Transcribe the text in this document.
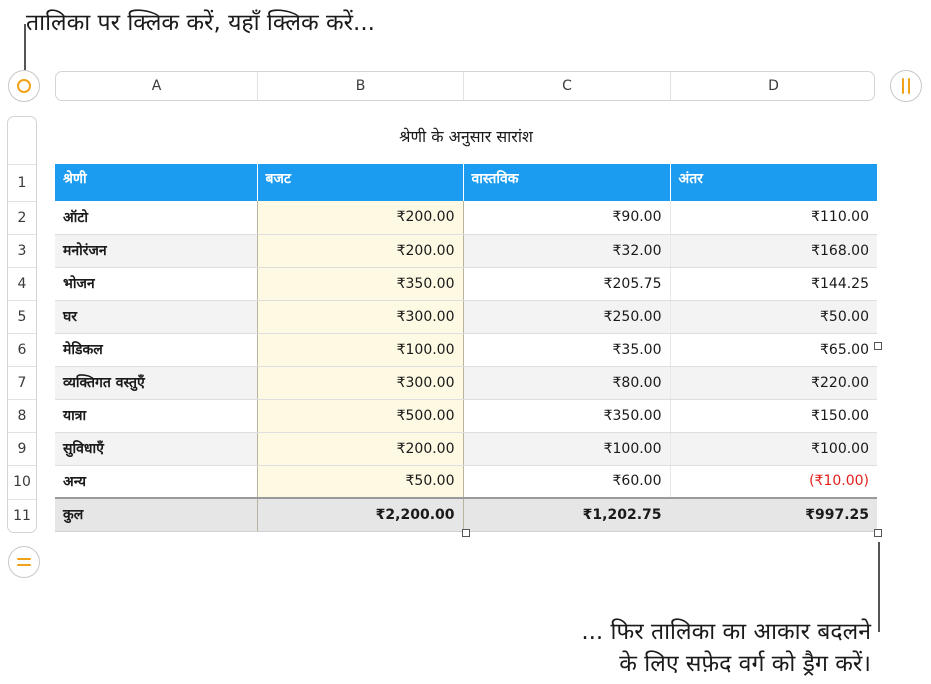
तालिका पर क्लिक करें, यहाँ क्लिक करें...
A	B	C	D
1
2
3
4
5
6
7
8
9
10
11
श्रेणी के अनुसार सारांश
श्रेणी	बजट	वास्तविक	अंतर
ऑटो	₹200.00	₹90.00	₹110.00
मनोरंजन	₹200.00	₹32.00	₹168.00
भोजन	₹350.00	₹205.75	₹144.25
घर	₹300.00	₹250.00	₹50.00
मेडिकल	₹100.00	₹35.00	₹65.00
व्यक्तिगत वस्तुएँ	₹300.00	₹80.00	₹220.00
यात्रा	₹500.00	₹350.00	₹150.00
सुविधाएँ	₹200.00	₹100.00	₹100.00
अन्य	₹50.00	₹60.00	(₹10.00)
कुल	₹2,200.00	₹1,202.75	₹997.25
... फिर तालिका का आकार बदलने
के लिए सफ़ेद वर्ग को ड्रैग करें।
